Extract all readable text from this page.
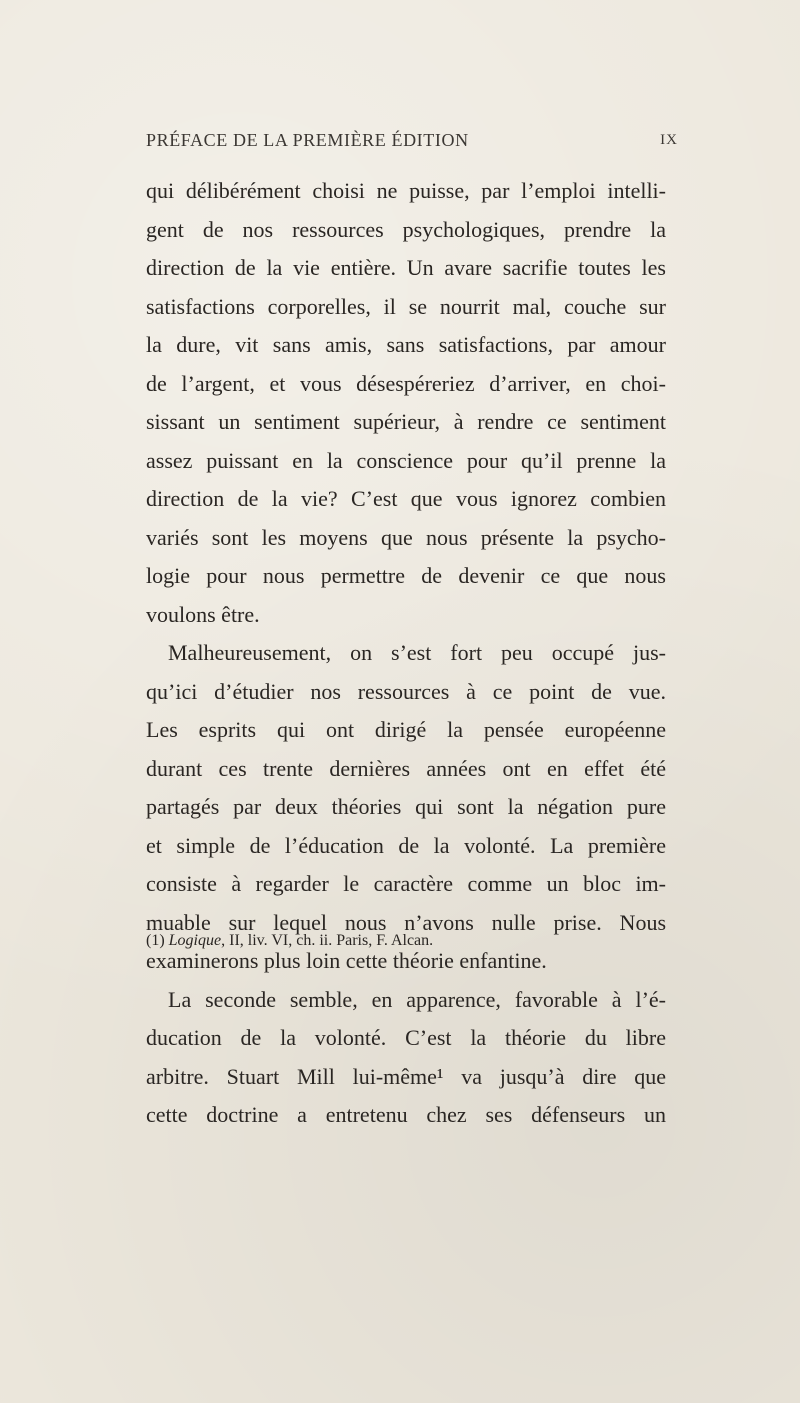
PRÉFACE DE LA PREMIÈRE ÉDITION	IX
qui délibérément choisi ne puisse, par l’emploi intelli-
gent de nos ressources psychologiques, prendre la
direction de la vie entière. Un avare sacrifie toutes les
satisfactions corporelles, il se nourrit mal, couche sur
la dure, vit sans amis, sans satisfactions, par amour
de l’argent, et vous désespéreriez d’arriver, en choi-
sissant un sentiment supérieur, à rendre ce sentiment
assez puissant en la conscience pour qu’il prenne la
direction de la vie? C’est que vous ignorez combien
variés sont les moyens que nous présente la psycho-
logie pour nous permettre de devenir ce que nous
voulons être.
Malheureusement, on s’est fort peu occupé jus-
qu’ici d’étudier nos ressources à ce point de vue.
Les esprits qui ont dirigé la pensée européenne
durant ces trente dernières années ont en effet été
partagés par deux théories qui sont la négation pure
et simple de l’éducation de la volonté. La première
consiste à regarder le caractère comme un bloc im-
muable sur lequel nous n’avons nulle prise. Nous
examinerons plus loin cette théorie enfantine.
La seconde semble, en apparence, favorable à l’é-
ducation de la volonté. C’est la théorie du libre
arbitre. Stuart Mill lui-même¹ va jusqu’à dire que
cette doctrine a entretenu chez ses défenseurs un
(1) Logique, II, liv. VI, ch. ii. Paris, F. Alcan.
